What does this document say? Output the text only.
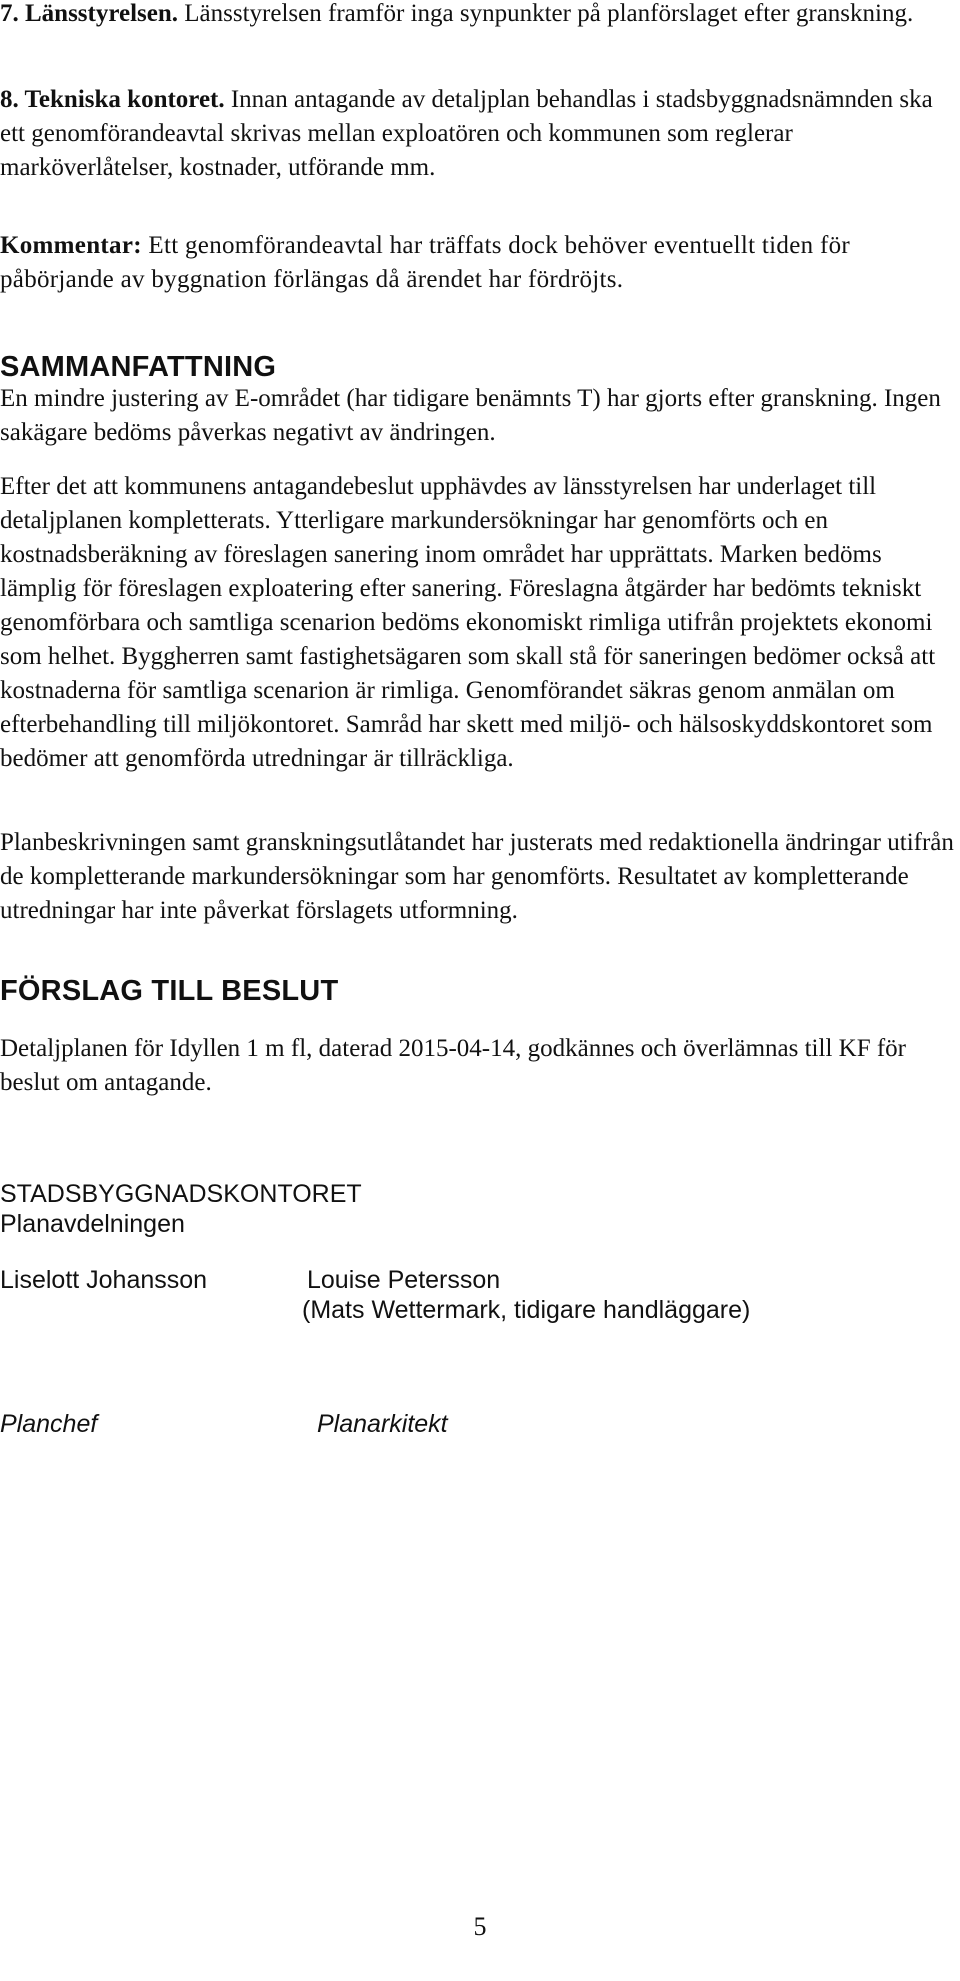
7. Länsstyrelsen. Länsstyrelsen framför inga synpunkter på planförslaget efter granskning.

8. Tekniska kontoret. Innan antagande av detaljplan behandlas i stadsbyggnadsnämnden ska ett genomförandeavtal skrivas mellan exploatören och kommunen som reglerar marköverlåtelser, kostnader, utförande mm.

Kommentar: Ett genomförandeavtal har träffats dock behöver eventuellt tiden för påbörjande av byggnation förlängas då ärendet har fördröjts.

SAMMANFATTNING

En mindre justering av E-området (har tidigare benämnts T) har gjorts efter granskning. Ingen sakägare bedöms påverkas negativt av ändringen.

Efter det att kommunens antagandebeslut upphävdes av länsstyrelsen har underlaget till detaljplanen kompletterats. Ytterligare markundersökningar har genomförts och en kostnadsberäkning av föreslagen sanering inom området har upprättats. Marken bedöms lämplig för föreslagen exploatering efter sanering. Föreslagna åtgärder har bedömts tekniskt genomförbara och samtliga scenarion bedöms ekonomiskt rimliga utifrån projektets ekonomi som helhet. Byggherren samt fastighetsägaren som skall stå för saneringen bedömer också att kostnaderna för samtliga scenarion är rimliga. Genomförandet säkras genom anmälan om efterbehandling till miljökontoret. Samråd har skett med miljö- och hälsoskyddskontoret som bedömer att genomförda utredningar är tillräckliga.

Planbeskrivningen samt granskningsutlåtandet har justerats med redaktionella ändringar utifrån de kompletterande markundersökningar som har genomförts. Resultatet av kompletterande utredningar har inte påverkat förslagets utformning.

FÖRSLAG TILL BESLUT

Detaljplanen för Idyllen 1 m fl, daterad 2015-04-14, godkännes och överlämnas till KF för beslut om antagande.

STADSBYGGNADSKONTORET
Planavdelningen
Liselott Johansson	Louise Petersson
(Mats Wettermark, tidigare handläggare)
Planchef	Planarkitekt
5
